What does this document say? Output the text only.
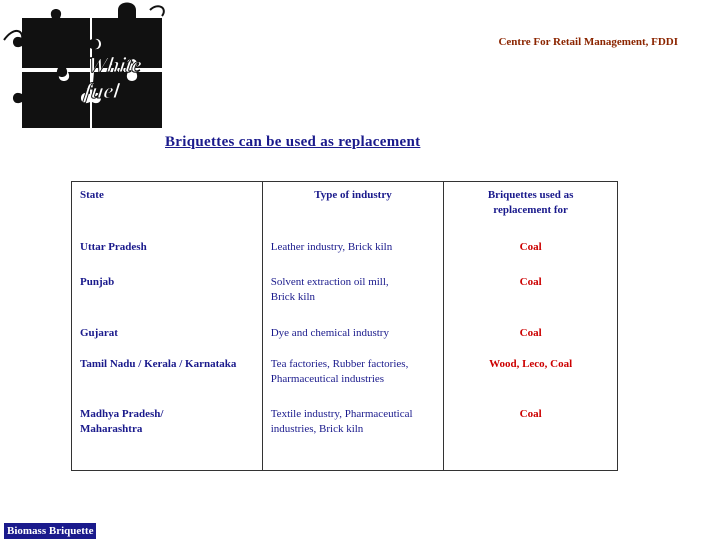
White fuel
Centre For Retail Management, FDDI
Briquettes can be used as replacement
State	Type of industry	Briquettes used as replacement for

Uttar Pradesh	Leather industry, Brick kiln	Coal

Punjab	Solvent extraction oil mill, Brick kiln	Coal

Gujarat	Dye and chemical industry	Coal

Tamil Nadu / Kerala / Karnataka	Tea factories, Rubber factories, Pharmaceutical industries	Wood, Leco, Coal

Madhya Pradesh/ Maharashtra	Textile industry, Pharmaceutical industries, Brick kiln	Coal
Biomass Briquette
